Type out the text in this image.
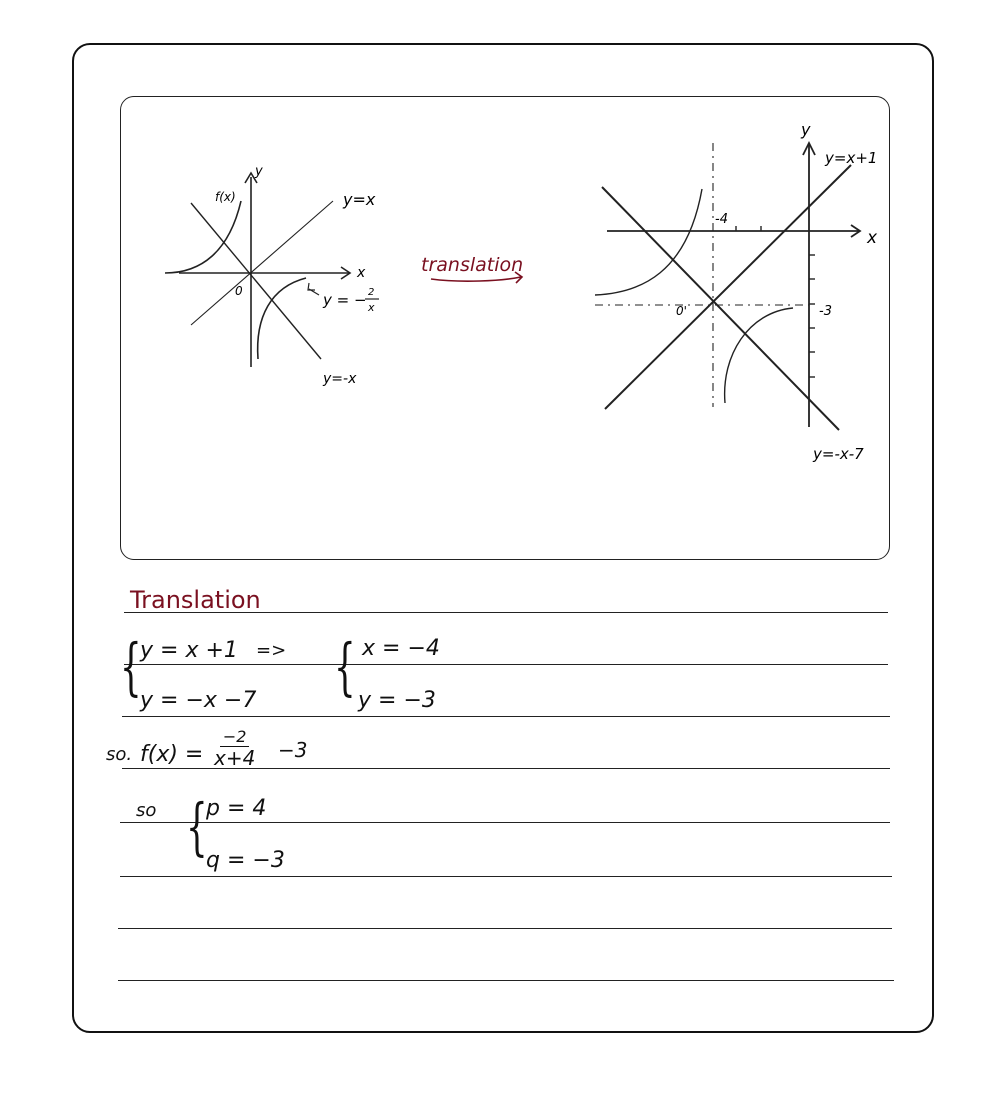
x
y
0
f(x)	y=x
y=-x
y = − 2
x
translation
x
y
-4
-3
0'
y=x+1
y=-x-7
Translation
{
y = x +1
y = −x −7
=> { x = −4
y = −3
so. f(x) =
−2
x+4 −3
so {
p = 4
q = −3
